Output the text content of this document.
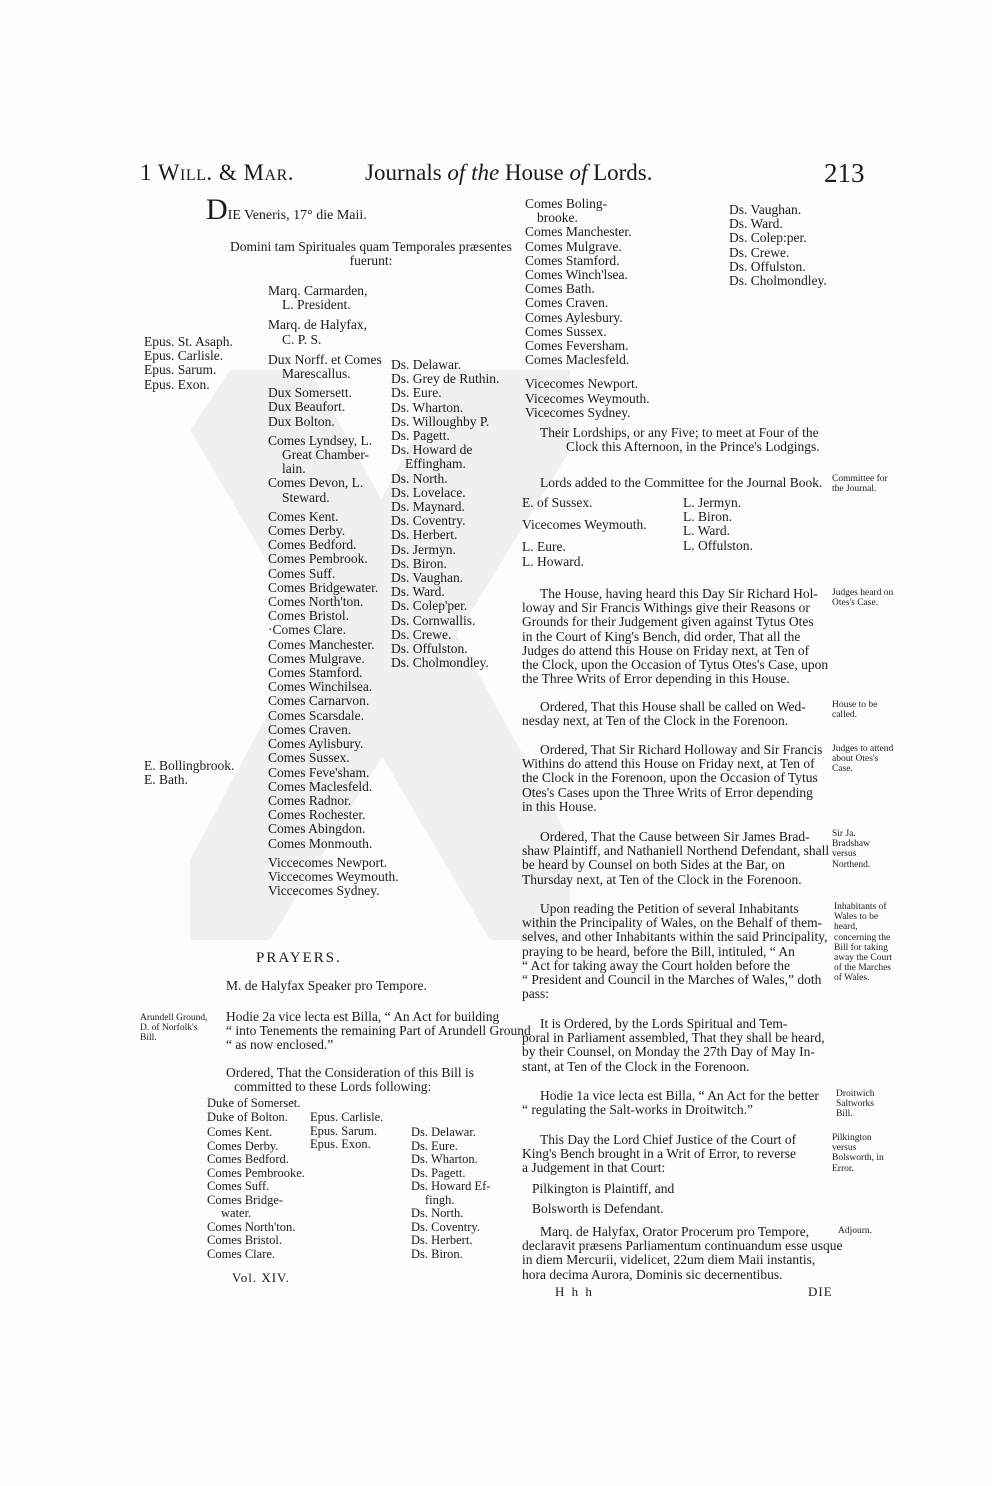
1 Will. & Mar.	Journals of the House of Lords.	213
DIE Veneris, 17° die Maii.
Domini tam Spirituales quam Temporales præsentes
fuerunt:
Epus. St. Asaph.
Epus. Carlisle.
Epus. Sarum.
Epus. Exon.
Marq. Carmarden,
L. President.
Marq. de Halyfax,
C. P. S.
Dux Norff. et Comes
Marescallus.
Dux Somersett.
Dux Beaufort.
Dux Bolton.
Comes Lyndsey, L.
Great Chamber-
lain.
Comes Devon, L.
Steward.
Comes Kent.
Comes Derby.
Comes Bedford.
Comes Pembrook.
Comes Suff.
Comes Bridgewater.
Comes North'ton.
Comes Bristol.
·Comes Clare.
Comes Manchester.
Comes Mulgrave.
Comes Stamford.
Comes Winchilsea.
Comes Carnarvon.
Comes Scarsdale.
Comes Craven.
Comes Aylisbury.
Comes Sussex.
Comes Feve'sham.
Comes Maclesfeld.
Comes Radnor.
Comes Rochester.
Comes Abingdon.
Comes Monmouth.
Viccecomes Newport.
Viccecomes Weymouth.
Viccecomes Sydney.
Ds. Delawar.
Ds. Grey de Ruthin.
Ds. Eure.
Ds. Wharton.
Ds. Willoughby P.
Ds. Pagett.
Ds. Howard de
Effingham.
Ds. North.
Ds. Lovelace.
Ds. Maynard.
Ds. Coventry.
Ds. Herbert.
Ds. Jermyn.
Ds. Biron.
Ds. Vaughan.
Ds. Ward.
Ds. Colep'per.
Ds. Cornwallis.
Ds. Crewe.
Ds. Offulston.
Ds. Cholmondley.
E. Bollingbrook.
E. Bath.
PRAYERS.
M. de Halyfax Speaker pro Tempore.
Arundell Ground, D. of Norfolk's Bill.
Hodie 2a vice lecta est Billa, “ An Act for building
“ into Tenements the remaining Part of Arundell Ground
“ as now enclosed.”
Ordered, That the Consideration of this Bill is
committed to these Lords following:
Duke of Somerset.
Duke of Bolton.
Comes Kent.
Comes Derby.
Comes Bedford.
Comes Pembrooke.
Comes Suff.
Comes Bridge-
water.
Comes North'ton.
Comes Bristol.
Comes Clare.
Epus. Carlisle.
Epus. Sarum.
Epus. Exon.
Ds. Delawar.
Ds. Eure.
Ds. Wharton.
Ds. Pagett.
Ds. Howard Ef-
fingh.
Ds. North.
Ds. Coventry.
Ds. Herbert.
Ds. Biron.
Vol. XIV.
Comes Boling-
brooke.
Comes Manchester.
Comes Mulgrave.
Comes Stamford.
Comes Winch'lsea.
Comes Bath.
Comes Craven.
Comes Aylesbury.
Comes Sussex.
Comes Feversham.
Comes Maclesfeld.
Vicecomes Newport.
Vicecomes Weymouth.
Vicecomes Sydney.
Ds. Vaughan.
Ds. Ward.
Ds. Colep:per.
Ds. Crewe.
Ds. Offulston.
Ds. Cholmondley.
Their Lordships, or any Five; to meet at Four of the
Clock this Afternoon, in the Prince's Lodgings.
Lords added to the Committee for the Journal Book. Committee for the Journal.
E. of Sussex.
Vicecomes Weymouth.
L. Eure.
L. Howard.
L. Jermyn.
L. Biron.
L. Ward.
L. Offulston.
The House, having heard this Day Sir Richard Hol-
loway and Sir Francis Withings give their Reasons or
Grounds for their Judgement given against Tytus Otes
in the Court of King's Bench, did order, That all the
Judges do attend this House on Friday next, at Ten of
the Clock, upon the Occasion of Tytus Otes's Case, upon
the Three Writs of Error depending in this House.
Judges heard on Otes's Case.
Ordered, That this House shall be called on Wed-
nesday next, at Ten of the Clock in the Forenoon.
House to be called.
Ordered, That Sir Richard Holloway and Sir Francis
Withins do attend this House on Friday next, at Ten of
the Clock in the Forenoon, upon the Occasion of Tytus
Otes's Cases upon the Three Writs of Error depending
in this House.
Judges to attend about Otes's Case.
Ordered, That the Cause between Sir James Brad-
shaw Plaintiff, and Nathaniell Northend Defendant, shall
be heard by Counsel on both Sides at the Bar, on
Thursday next, at Ten of the Clock in the Forenoon.
Sir Ja. Bradshaw versus Northend.
Upon reading the Petition of several Inhabitants
within the Principality of Wales, on the Behalf of them-
selves, and other Inhabitants within the said Principality,
praying to be heard, before the Bill, intituled, “ An
“ Act for taking away the Court holden before the
“ President and Council in the Marches of Wales,” doth
pass:
Inhabitants of Wales to be heard, concerning the Bill for taking away the Court of the Marches of Wales.
It is Ordered, by the Lords Spiritual and Tem-
poral in Parliament assembled, That they shall be heard,
by their Counsel, on Monday the 27th Day of May In-
stant, at Ten of the Clock in the Forenoon.
Hodie 1a vice lecta est Billa, “ An Act for the better
“ regulating the Salt-works in Droitwitch.”
Droitwich Saltworks Bill.
This Day the Lord Chief Justice of the Court of
King's Bench brought in a Writ of Error, to reverse
a Judgement in that Court:
Pilkington is Plaintiff, and
Bolsworth is Defendant.
Pilkington versus Bolsworth, in Error.
Marq. de Halyfax, Orator Procerum pro Tempore,
declaravit præsens Parliamentum continuandum esse usque
in diem Mercurii, videlicet, 22um diem Maii instantis,
hora decima Aurora, Dominis sic decernentibus.
Adjourn.
H h h	DIE
